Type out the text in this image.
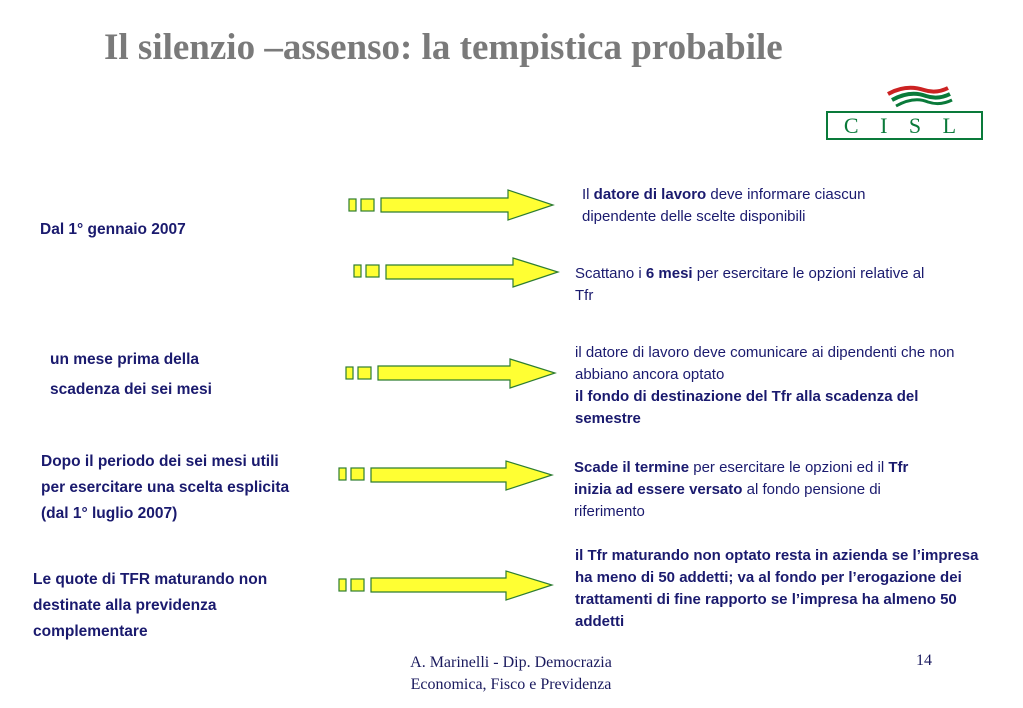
Il silenzio –assenso: la tempistica probabile
C I S L
Dal 1° gennaio 2007
un mese prima della
scadenza dei sei mesi
Dopo il periodo dei sei mesi utili per esercitare una scelta esplicita (dal 1° luglio 2007)
Le quote di TFR maturando non destinate alla previdenza complementare
Il datore di lavoro deve informare ciascun dipendente delle scelte disponibili
Scattano i 6 mesi per esercitare le opzioni relative al Tfr
il datore di lavoro deve comunicare ai dipendenti che non abbiano ancora optato
il fondo di destinazione del Tfr alla scadenza del semestre
Scade il termine per esercitare le opzioni ed il Tfr inizia ad essere versato al fondo pensione di riferimento
il Tfr maturando non optato resta in azienda se l’impresa ha meno di 50 addetti; va al fondo per l’erogazione dei trattamenti di fine rapporto se l’impresa ha almeno 50 addetti
A. Marinelli - Dip. Democrazia
Economica, Fisco e Previdenza
14
